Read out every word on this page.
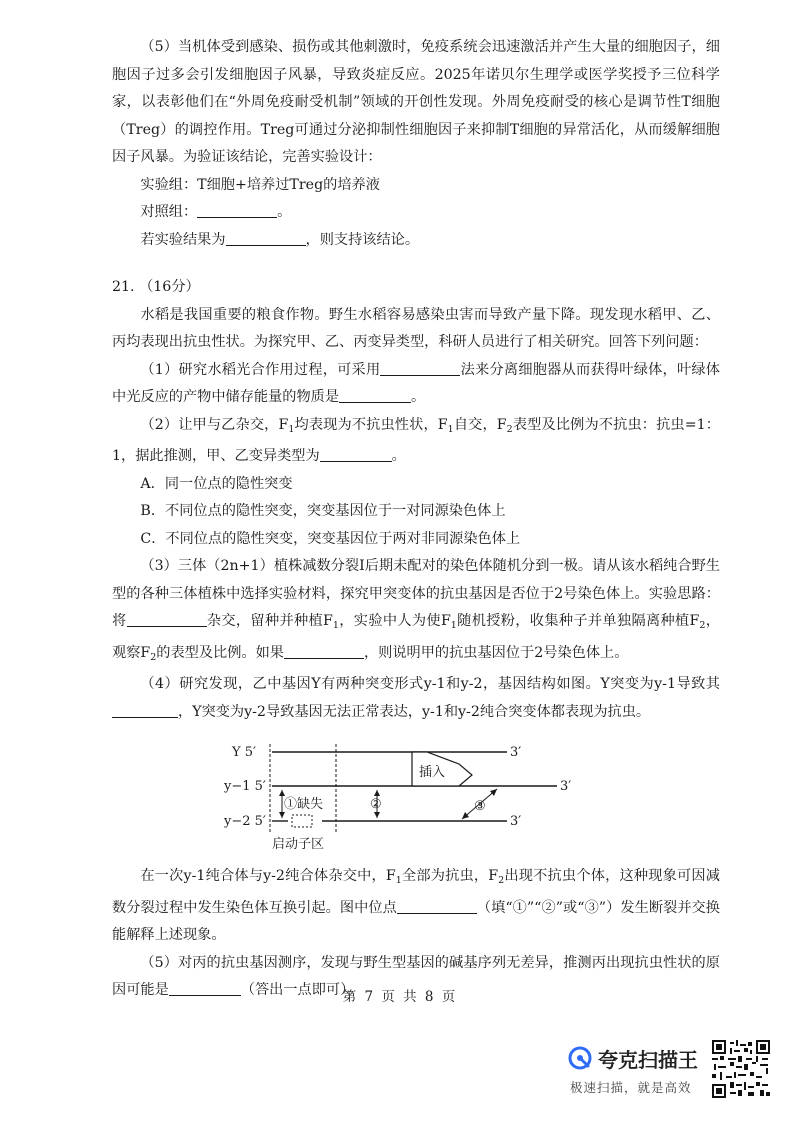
（5）当机体受到感染、损伤或其他刺激时，免疫系统会迅速激活并产生大量的细胞因子，细胞因子过多会引发细胞因子风暴，导致炎症反应。2025年诺贝尔生理学或医学奖授予三位科学家，以表彰他们在“外周免疫耐受机制”领域的开创性发现。外周免疫耐受的核心是调节性T细胞（Treg）的调控作用。Treg可通过分泌抑制性细胞因子来抑制T细胞的异常活化，从而缓解细胞因子风暴。为验证该结论，完善实验设计：

实验组：T细胞+培养过Treg的培养液

对照组：	。

若实验结果为	，则支持该结论。

21. （16分）

水稻是我国重要的粮食作物。野生水稻容易感染虫害而导致产量下降。现发现水稻甲、乙、丙均表现出抗虫性状。为探究甲、乙、丙变异类型，科研人员进行了相关研究。回答下列问题：

（1）研究水稻光合作用过程，可采用	法来分离细胞器从而获得叶绿体，叶绿体中光反应的产物中储存能量的物质是	。

（2）让甲与乙杂交，$F_1$均表现为不抗虫性状，$F_1$自交，$F_2$表型及比例为不抗虫：抗虫=1：1，据此推测，甲、乙变异类型为	。

A．同一位点的隐性突变

B．不同位点的隐性突变，突变基因位于一对同源染色体上

C．不同位点的隐性突变，突变基因位于两对非同源染色体上

（3）三体（2n+1）植株减数分裂Ⅰ后期未配对的染色体随机分到一极。请从该水稻纯合野生型的各种三体植株中选择实验材料，探究甲突变体的抗虫基因是否位于2号染色体上。实验思路：将	杂交，留种并种植$F_1$，实验中人为使$F_1$随机授粉，收集种子并单独隔离种植$F_2$，观察$F_2$的表型及比例。如果	，则说明甲的抗虫基因位于2号染色体上。

（4）研究发现，乙中基因Y有两种突变形式y-1和y-2，基因结构如图。Y突变为y-1导致其，Y突变为y-2导致基因无法正常表达，y-1和y-2纯合突变体都表现为抗虫。

Y 5′
y−1 5′
y−2 5′
3′
3′
3′
插入
①缺失	②	③
启动子区

在一次y-1纯合体与y-2纯合体杂交中，$F_1$全部为抗虫，$F_2$出现不抗虫个体，这种现象可因减数分裂过程中发生染色体互换引起。图中位点	（填“①”“②”或“③”）发生断裂并交换能解释上述现象。

（5）对丙的抗虫基因测序，发现与野生型基因的碱基序列无差异，推测丙出现抗虫性状的原因可能是	（答出一点即可）。

第 7 页 共 8 页
夸克扫描王
极速扫描，就是高效
